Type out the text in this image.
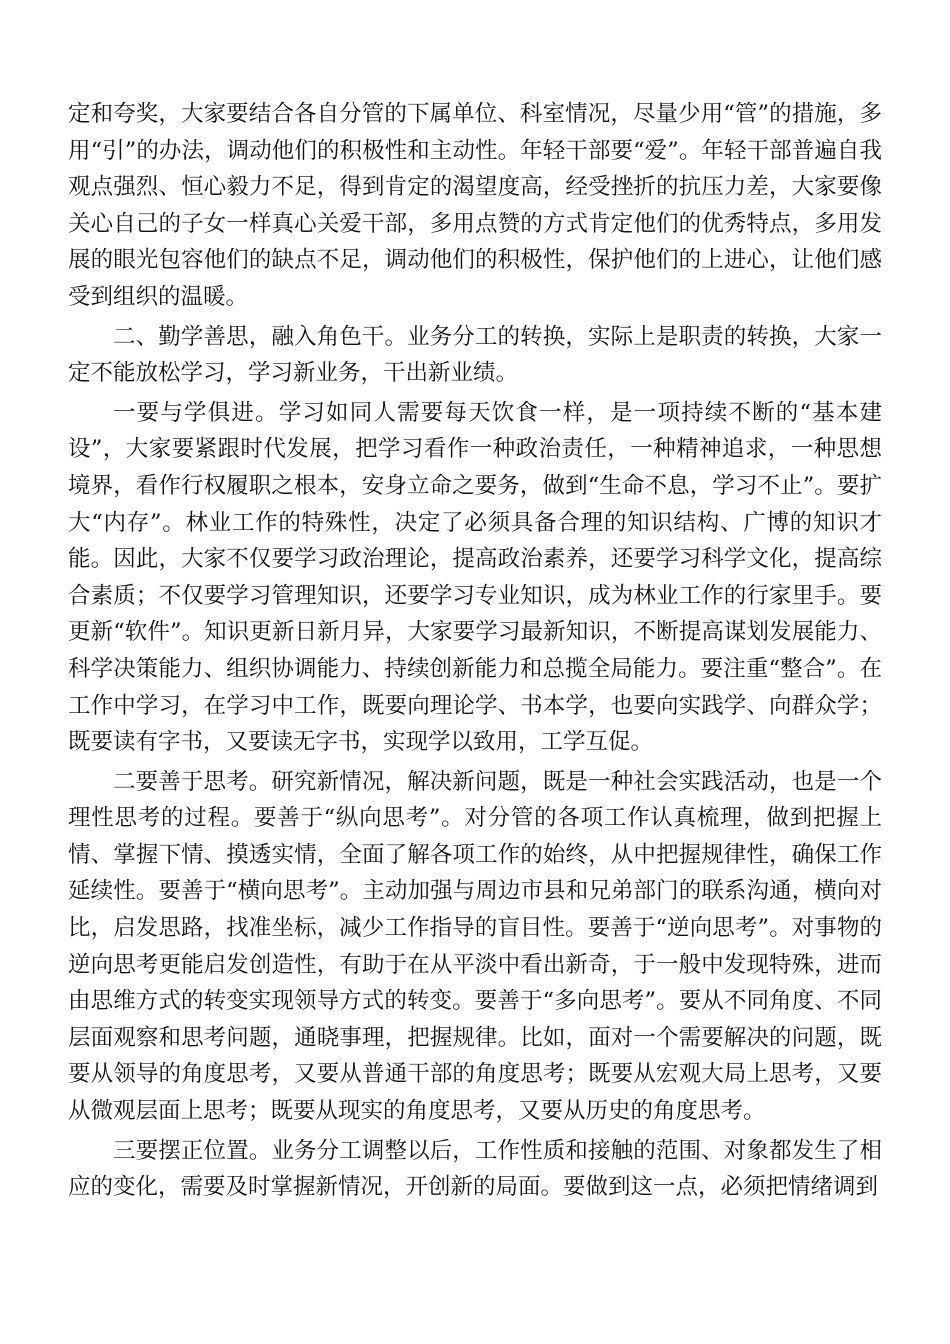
定和夸奖，大家要结合各自分管的下属单位、科室情况，尽量少用“管”的措施，多用“引”的办法，调动他们的积极性和主动性。年轻干部要“爱”。年轻干部普遍自我观点强烈、恒心毅力不足，得到肯定的渴望度高，经受挫折的抗压力差，大家要像关心自己的子女一样真心关爱干部，多用点赞的方式肯定他们的优秀特点，多用发展的眼光包容他们的缺点不足，调动他们的积极性，保护他们的上进心，让他们感受到组织的温暖。

二、勤学善思，融入角色干。业务分工的转换，实际上是职责的转换，大家一定不能放松学习，学习新业务，干出新业绩。

一要与学俱进。学习如同人需要每天饮食一样，是一项持续不断的“基本建设”，大家要紧跟时代发展，把学习看作一种政治责任，一种精神追求，一种思想境界，看作行权履职之根本，安身立命之要务，做到“生命不息，学习不止”。要扩大“内存”。林业工作的特殊性，决定了必须具备合理的知识结构、广博的知识才能。因此，大家不仅要学习政治理论，提高政治素养，还要学习科学文化，提高综合素质；不仅要学习管理知识，还要学习专业知识，成为林业工作的行家里手。要更新“软件”。知识更新日新月异，大家要学习最新知识，不断提高谋划发展能力、科学决策能力、组织协调能力、持续创新能力和总揽全局能力。要注重“整合”。在工作中学习，在学习中工作，既要向理论学、书本学，也要向实践学、向群众学；既要读有字书，又要读无字书，实现学以致用，工学互促。

二要善于思考。研究新情况，解决新问题，既是一种社会实践活动，也是一个理性思考的过程。要善于“纵向思考”。对分管的各项工作认真梳理，做到把握上情、掌握下情、摸透实情，全面了解各项工作的始终，从中把握规律性，确保工作延续性。要善于“横向思考”。主动加强与周边市县和兄弟部门的联系沟通，横向对比，启发思路，找准坐标，减少工作指导的盲目性。要善于“逆向思考”。对事物的逆向思考更能启发创造性，有助于在从平淡中看出新奇，于一般中发现特殊，进而由思维方式的转变实现领导方式的转变。要善于“多向思考”。要从不同角度、不同层面观察和思考问题，通晓事理，把握规律。比如，面对一个需要解决的问题，既要从领导的角度思考，又要从普通干部的角度思考；既要从宏观大局上思考，又要从微观层面上思考；既要从现实的角度思考，又要从历史的角度思考。

三要摆正位置。业务分工调整以后，工作性质和接触的范围、对象都发生了相应的变化，需要及时掌握新情况，开创新的局面。要做到这一点，必须把情绪调到
